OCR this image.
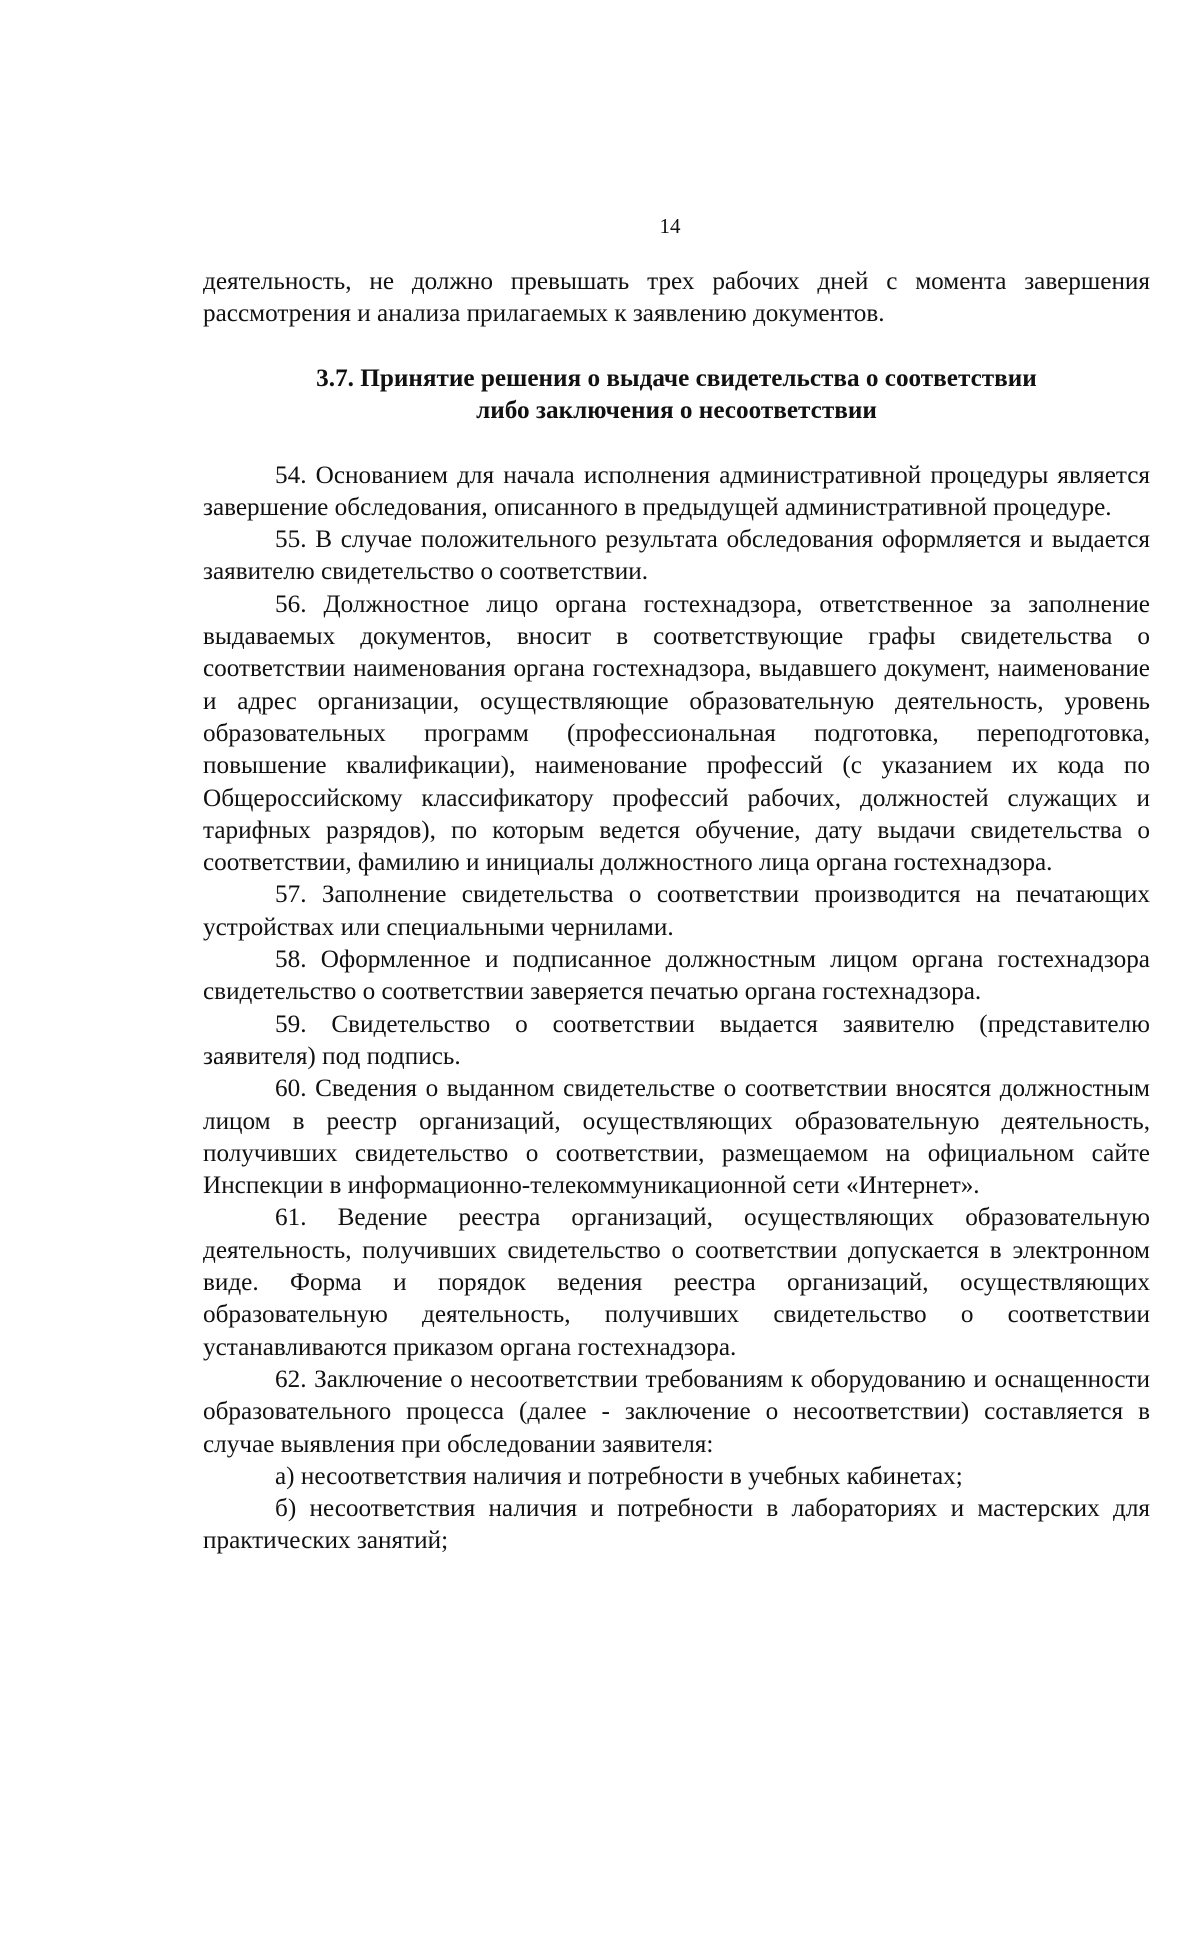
14

деятельность, не должно превышать трех рабочих дней с момента завершения рассмотрения и анализа прилагаемых к заявлению документов.

3.7. Принятие решения о выдаче свидетельства о соответствии
либо заключения о несоответствии

54. Основанием для начала исполнения административной процедуры является завершение обследования, описанного в предыдущей административной процедуре.

55. В случае положительного результата обследования оформляется и выдается заявителю свидетельство о соответствии.

56. Должностное лицо органа гостехнадзора, ответственное за заполнение выдаваемых документов, вносит в соответствующие графы свидетельства о соответствии наименования органа гостехнадзора, выдавшего документ, наименование и адрес организации, осуществляющие образовательную деятельность, уровень образовательных программ (профессиональная подготовка, переподготовка, повышение квалификации), наименование профессий (с указанием их кода по Общероссийскому классификатору профессий рабочих, должностей служащих и тарифных разрядов), по которым ведется обучение, дату выдачи свидетельства о соответствии, фамилию и инициалы должностного лица органа гостехнадзора.

57. Заполнение свидетельства о соответствии производится на печатающих устройствах или специальными чернилами.

58. Оформленное и подписанное должностным лицом органа гостехнадзора свидетельство о соответствии заверяется печатью органа гостехнадзора.

59. Свидетельство о соответствии выдается заявителю (представителю заявителя) под подпись.

60. Сведения о выданном свидетельстве о соответствии вносятся должностным лицом в реестр организаций, осуществляющих образовательную деятельность, получивших свидетельство о соответствии, размещаемом на официальном сайте Инспекции в информационно-телекоммуникационной сети «Интернет».

61. Ведение реестра организаций, осуществляющих образовательную деятельность, получивших свидетельство о соответствии допускается в электронном виде. Форма и порядок ведения реестра организаций, осуществляющих образовательную деятельность, получивших свидетельство о соответствии устанавливаются приказом органа гостехнадзора.

62. Заключение о несоответствии требованиям к оборудованию и оснащенности образовательного процесса (далее - заключение о несоответствии) составляется в случае выявления при обследовании заявителя:

а) несоответствия наличия и потребности в учебных кабинетах;

б) несоответствия наличия и потребности в лабораториях и мастерских для практических занятий;
